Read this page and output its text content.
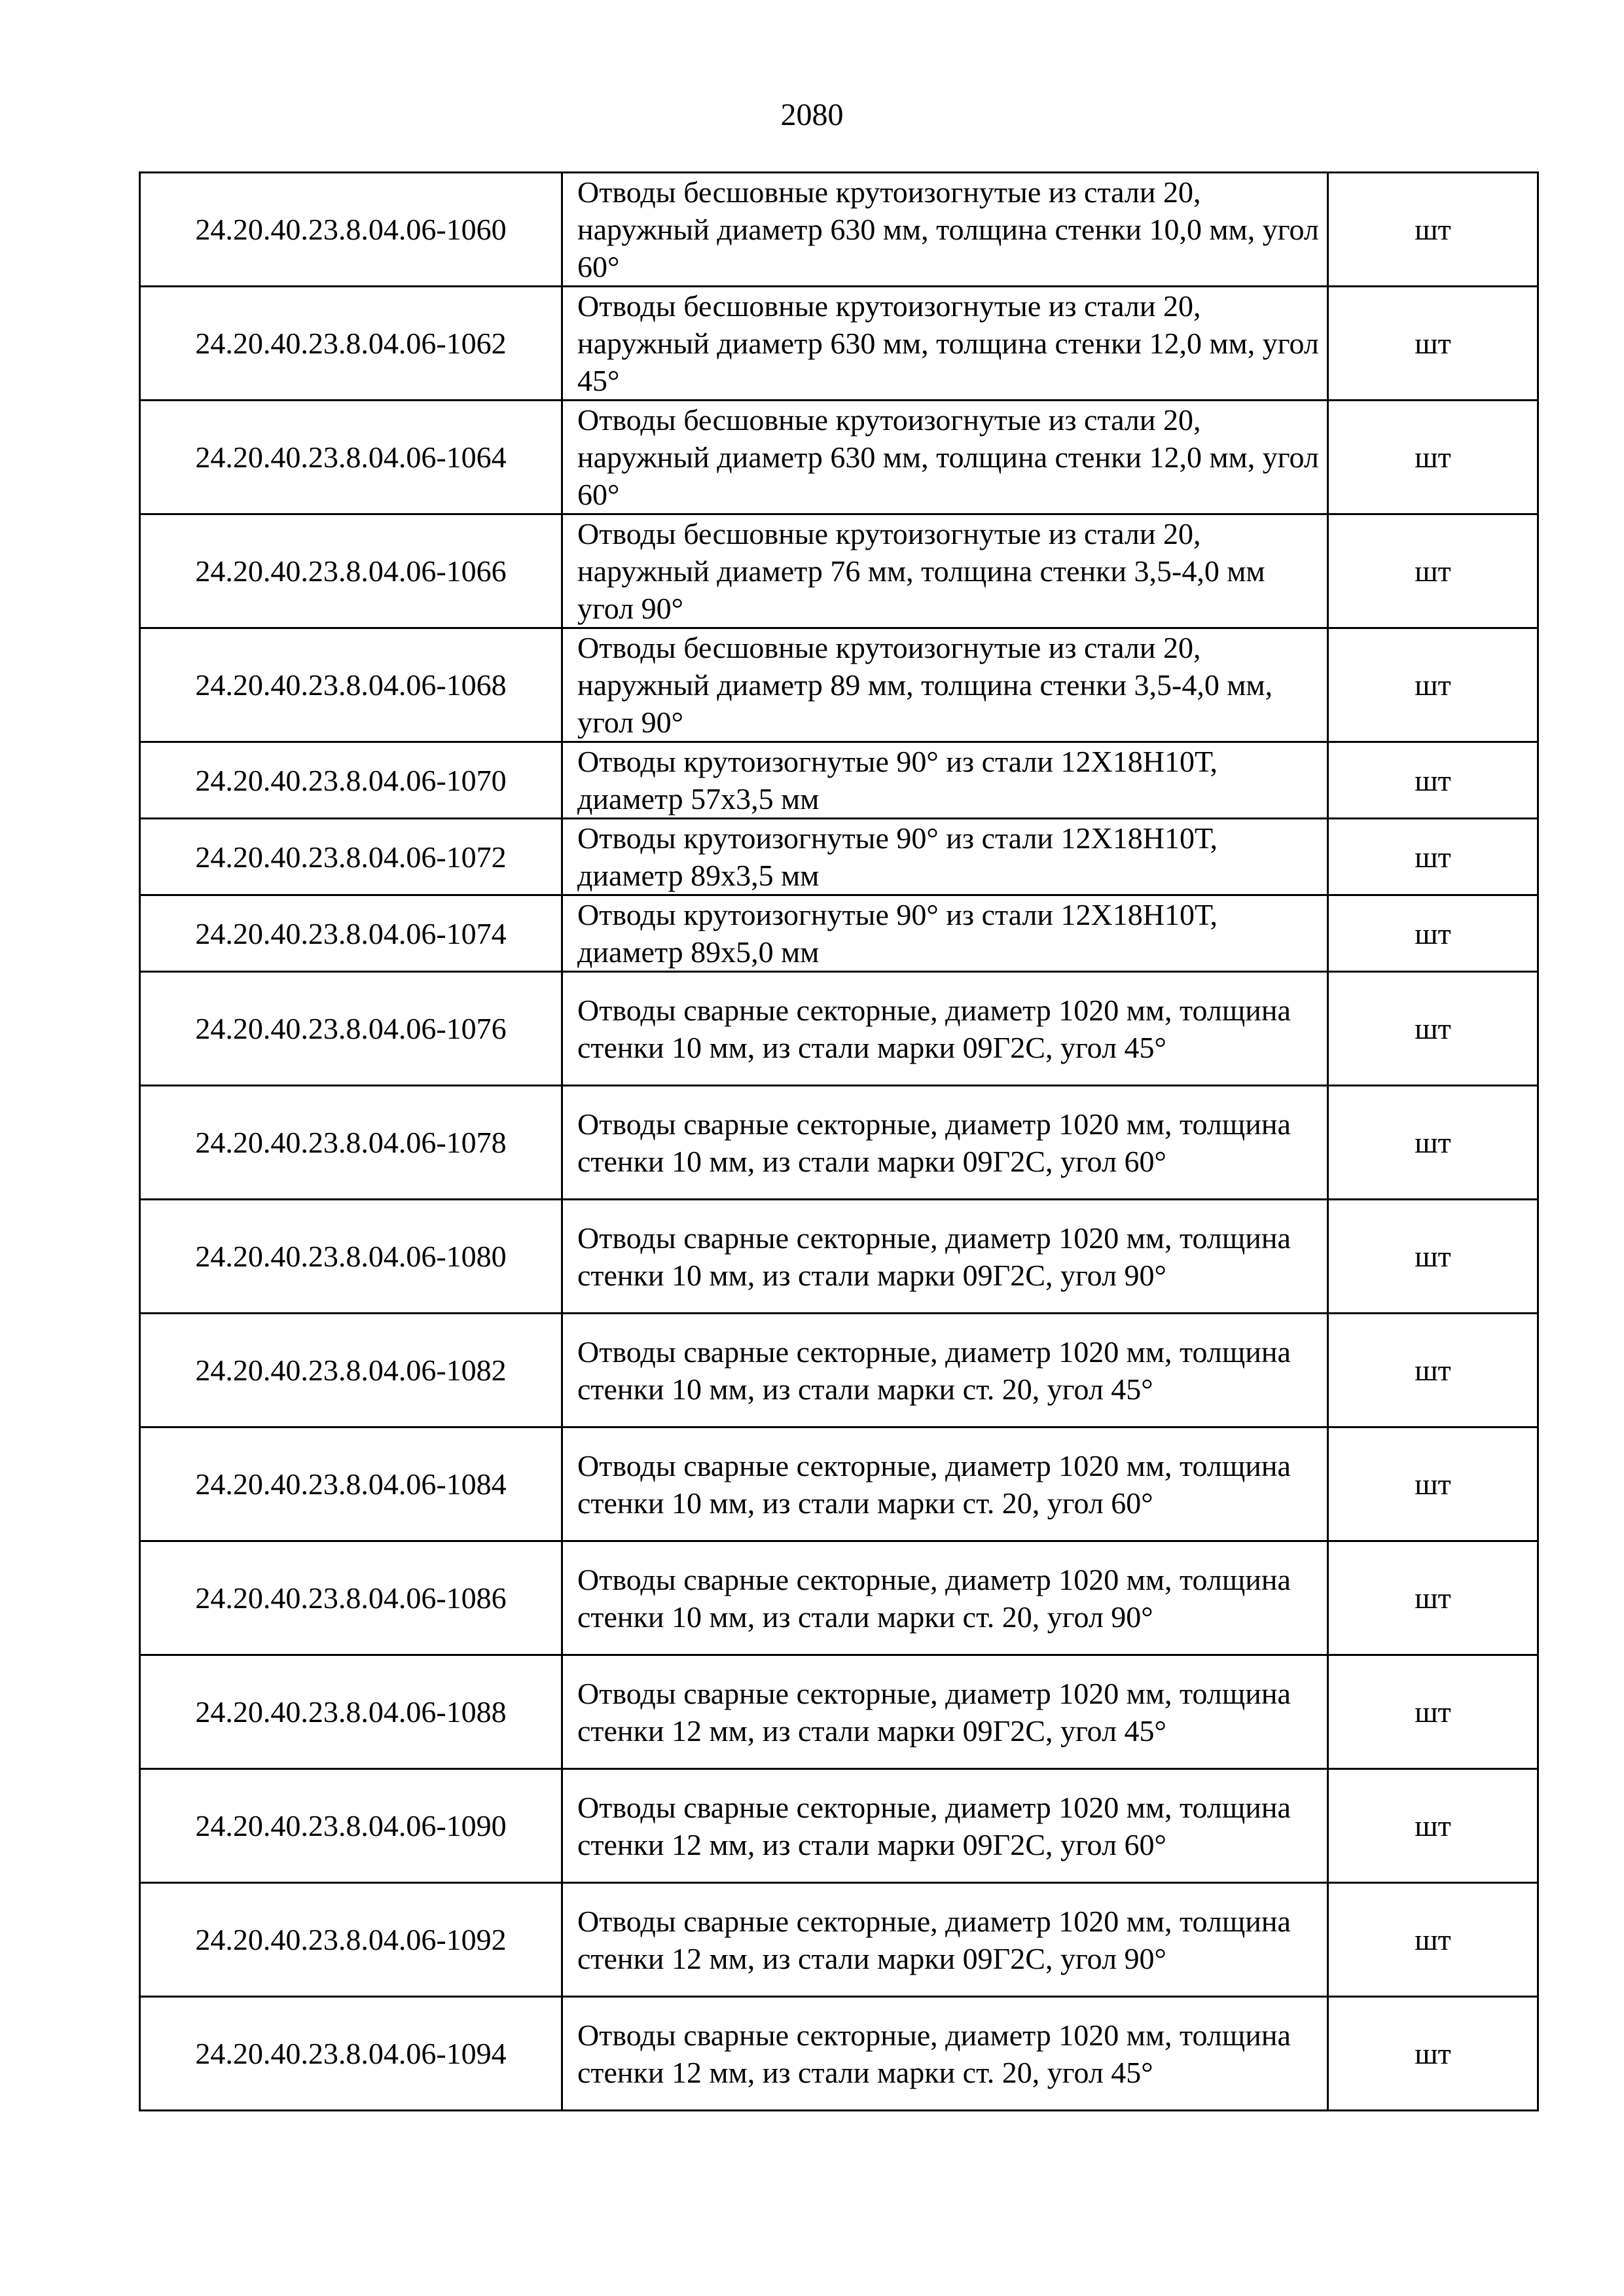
2080
24.20.40.23.8.04.06-1060	Отводы бесшовные крутоизогнутые из стали 20, наружный диаметр 630 мм, толщина стенки 10,0 мм, угол 60°	шт
24.20.40.23.8.04.06-1062	Отводы бесшовные крутоизогнутые из стали 20, наружный диаметр 630 мм, толщина стенки 12,0 мм, угол 45°	шт
24.20.40.23.8.04.06-1064	Отводы бесшовные крутоизогнутые из стали 20, наружный диаметр 630 мм, толщина стенки 12,0 мм, угол 60°	шт
24.20.40.23.8.04.06-1066	Отводы бесшовные крутоизогнутые из стали 20, наружный диаметр 76 мм, толщина стенки 3,5-4,0 мм угол 90°	шт
24.20.40.23.8.04.06-1068	Отводы бесшовные крутоизогнутые из стали 20, наружный диаметр 89 мм, толщина стенки 3,5-4,0 мм, угол 90°	шт
24.20.40.23.8.04.06-1070	Отводы крутоизогнутые 90° из стали 12Х18Н10Т, диаметр 57х3,5 мм	шт
24.20.40.23.8.04.06-1072	Отводы крутоизогнутые 90° из стали 12Х18Н10Т, диаметр 89х3,5 мм	шт
24.20.40.23.8.04.06-1074	Отводы крутоизогнутые 90° из стали 12Х18Н10Т, диаметр 89х5,0 мм	шт
24.20.40.23.8.04.06-1076	Отводы сварные секторные, диаметр 1020 мм, толщина стенки 10 мм, из стали марки 09Г2С, угол 45°	шт
24.20.40.23.8.04.06-1078	Отводы сварные секторные, диаметр 1020 мм, толщина стенки 10 мм, из стали марки 09Г2С, угол 60°	шт
24.20.40.23.8.04.06-1080	Отводы сварные секторные, диаметр 1020 мм, толщина стенки 10 мм, из стали марки 09Г2С, угол 90°	шт
24.20.40.23.8.04.06-1082	Отводы сварные секторные, диаметр 1020 мм, толщина стенки 10 мм, из стали марки ст. 20, угол 45°	шт
24.20.40.23.8.04.06-1084	Отводы сварные секторные, диаметр 1020 мм, толщина стенки 10 мм, из стали марки ст. 20, угол 60°	шт
24.20.40.23.8.04.06-1086	Отводы сварные секторные, диаметр 1020 мм, толщина стенки 10 мм, из стали марки ст. 20, угол 90°	шт
24.20.40.23.8.04.06-1088	Отводы сварные секторные, диаметр 1020 мм, толщина стенки 12 мм, из стали марки 09Г2С, угол 45°	шт
24.20.40.23.8.04.06-1090	Отводы сварные секторные, диаметр 1020 мм, толщина стенки 12 мм, из стали марки 09Г2С, угол 60°	шт
24.20.40.23.8.04.06-1092	Отводы сварные секторные, диаметр 1020 мм, толщина стенки 12 мм, из стали марки 09Г2С, угол 90°	шт
24.20.40.23.8.04.06-1094	Отводы сварные секторные, диаметр 1020 мм, толщина стенки 12 мм, из стали марки ст. 20, угол 45°	шт
